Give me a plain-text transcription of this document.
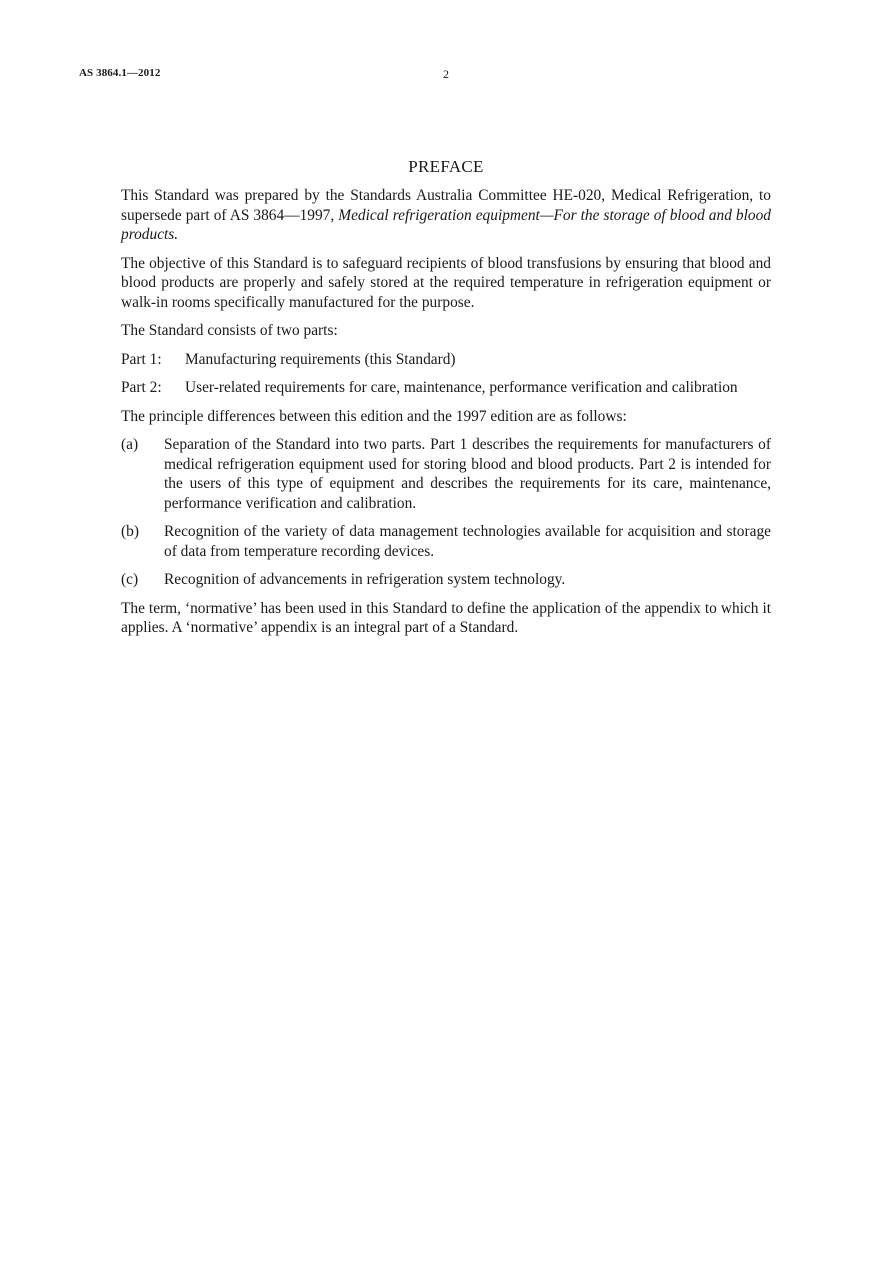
AS 3864.1—2012	2
PREFACE

This Standard was prepared by the Standards Australia Committee HE-020, Medical Refrigeration, to supersede part of AS 3864—1997, Medical refrigeration equipment—For the storage of blood and blood products.

The objective of this Standard is to safeguard recipients of blood transfusions by ensuring that blood and blood products are properly and safely stored at the required temperature in refrigeration equipment or walk-in rooms specifically manufactured for the purpose.

The Standard consists of two parts:

Part 1:	Manufacturing requirements (this Standard)
Part 2:	User-related requirements for care, maintenance, performance verification and calibration

The principle differences between this edition and the 1997 edition are as follows:

(a)	Separation of the Standard into two parts. Part 1 describes the requirements for manufacturers of medical refrigeration equipment used for storing blood and blood products. Part 2 is intended for the users of this type of equipment and describes the requirements for its care, maintenance, performance verification and calibration.
(b)	Recognition of the variety of data management technologies available for acquisition and storage of data from temperature recording devices.
(c)	Recognition of advancements in refrigeration system technology.

The term, ‘normative’ has been used in this Standard to define the application of the appendix to which it applies. A ‘normative’ appendix is an integral part of a Standard.
